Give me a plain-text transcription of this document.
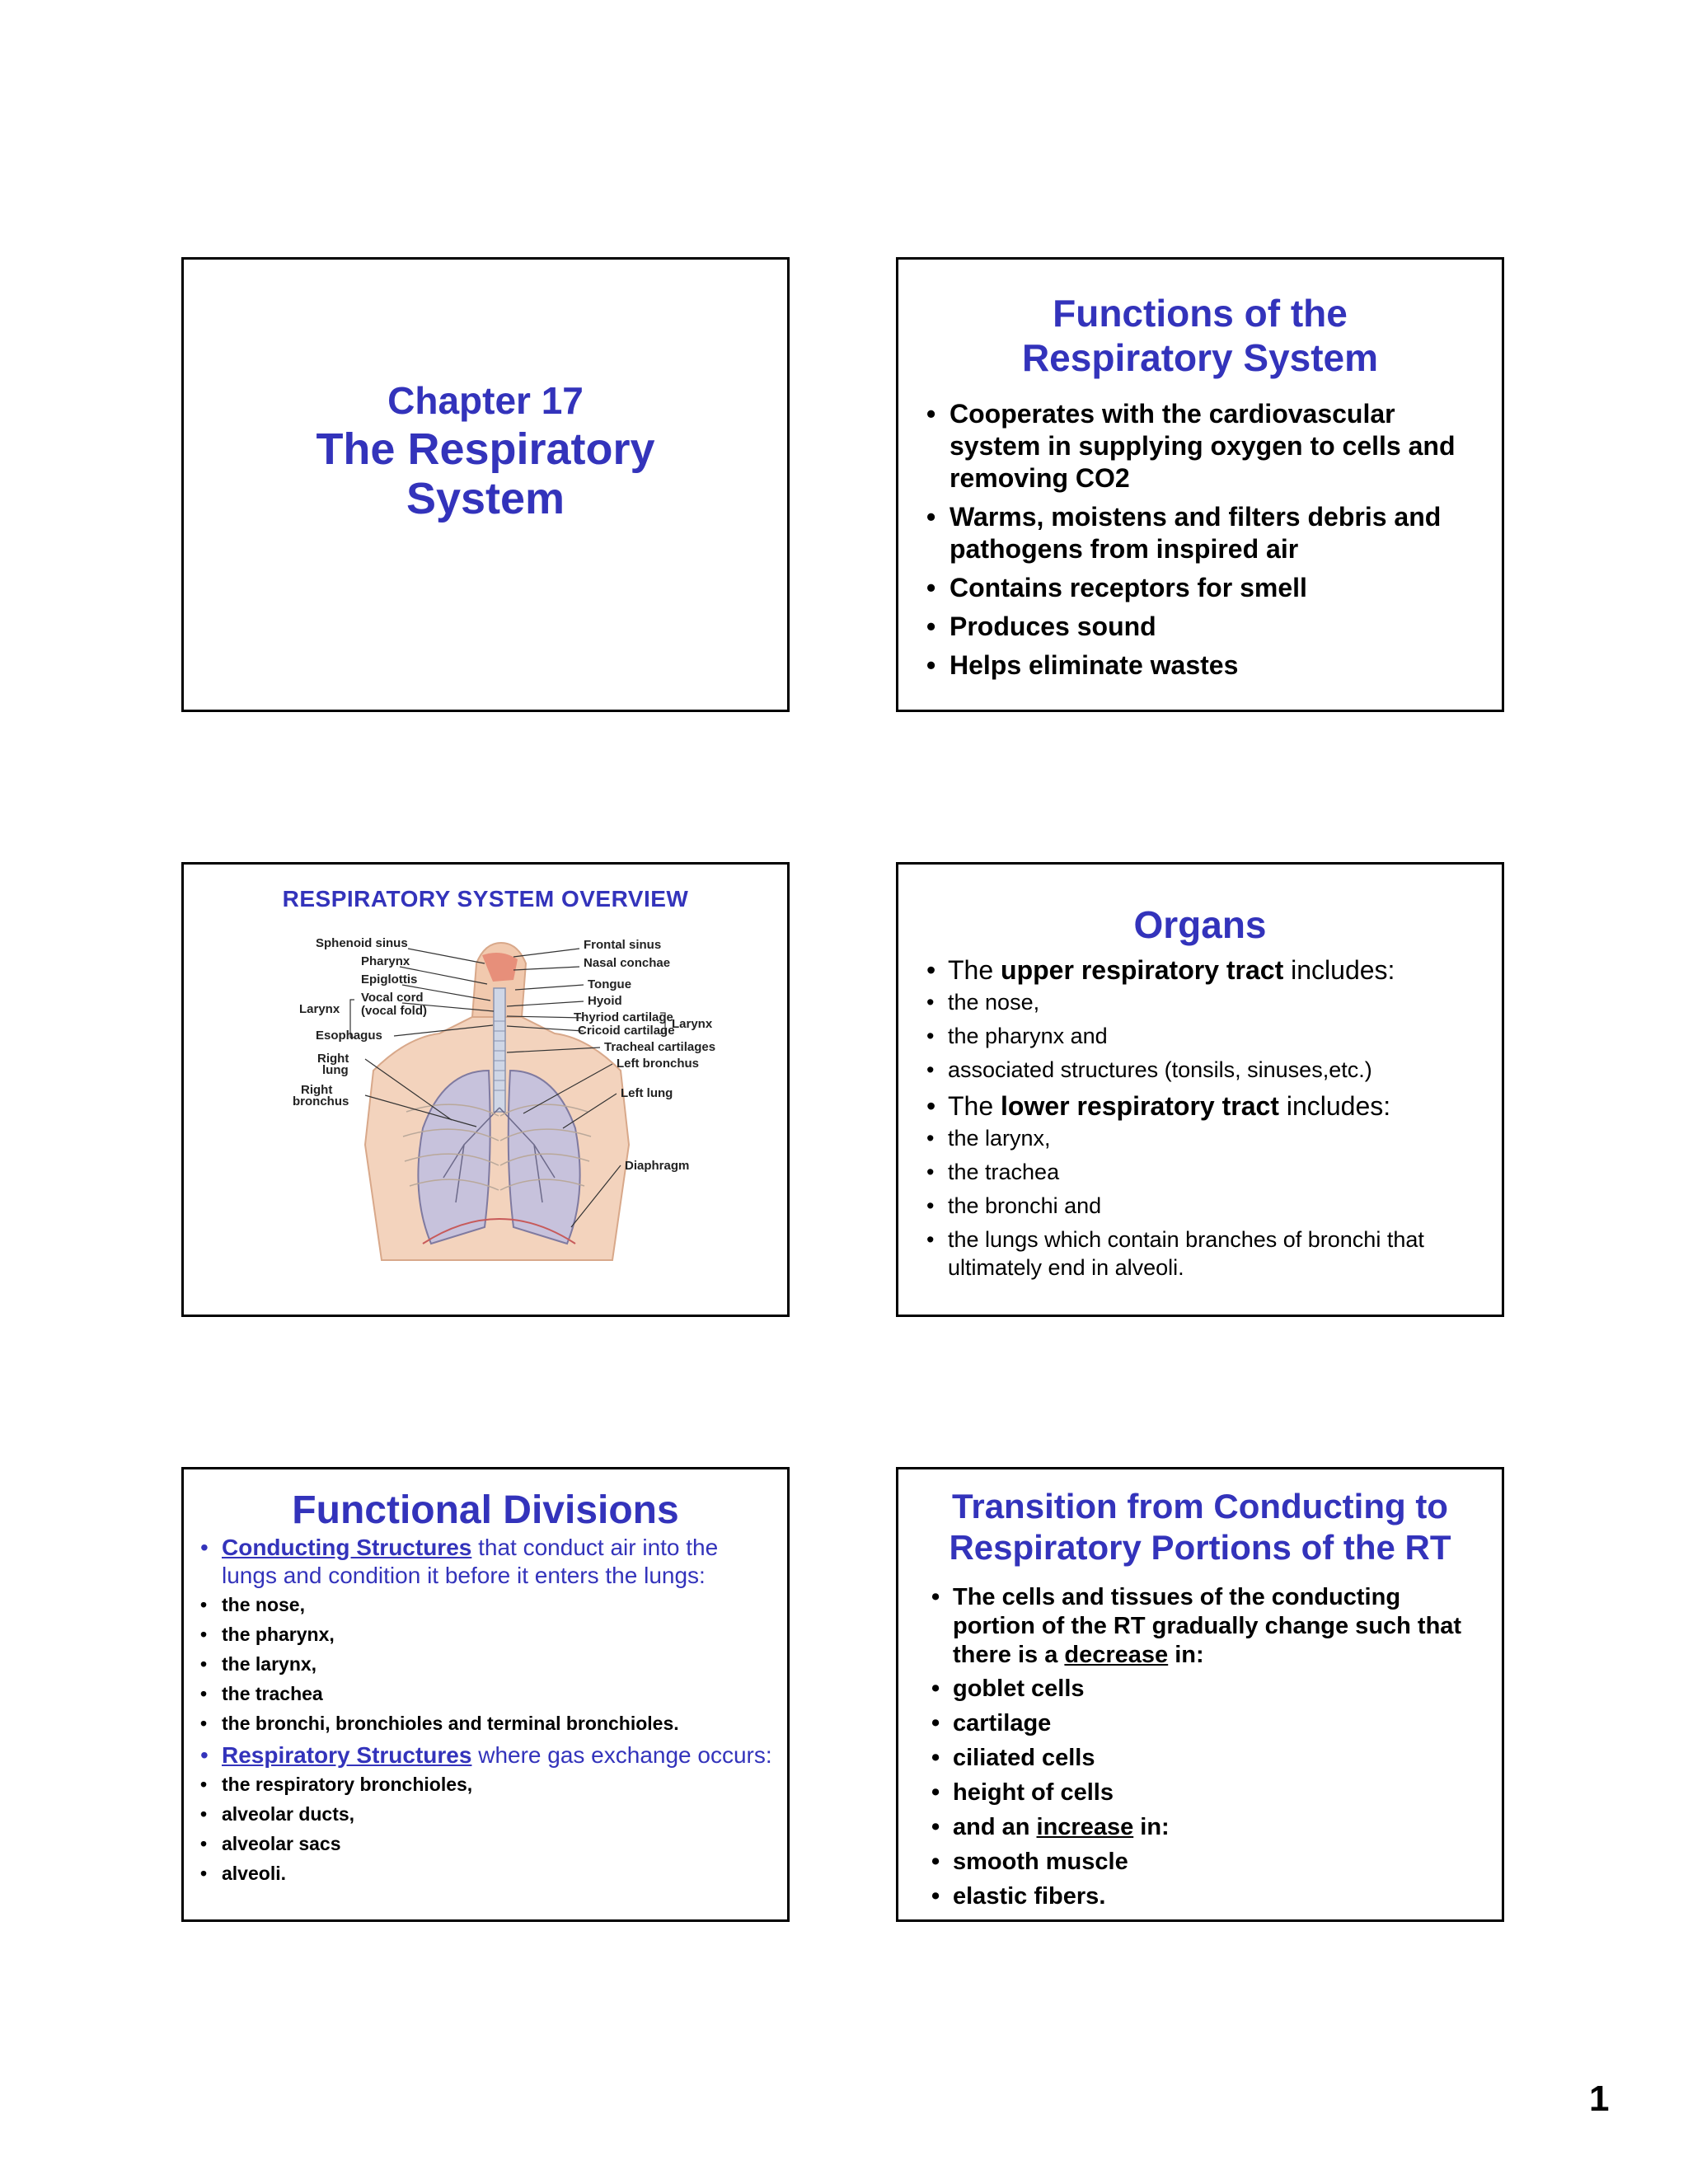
Chapter 17
The Respiratory
System
Functions of the
Respiratory System
• Cooperates with the cardiovascular system in supplying oxygen to cells and removing CO2
• Warms, moistens and filters debris and pathogens from inspired air
• Contains receptors for smell
• Produces sound
• Helps eliminate wastes
RESPIRATORY SYSTEM OVERVIEW
Sphenoid sinus
Pharynx
Larynx
Epiglottis
Vocal cord
(vocal fold)
Esophagus
Right
lung
Right
bronchus
Frontal sinus
Nasal conchae
Tongue
Hyoid
Thyriod cartilage
Cricoid cartilage
Larynx
Tracheal cartilages
Left bronchus
Left lung
Diaphragm
Organs
• The upper respiratory tract includes:
• the nose,
• the pharynx and
• associated structures (tonsils, sinuses,etc.)
• The lower respiratory tract includes:
• the larynx,
• the trachea
• the bronchi and
• the lungs which contain branches of bronchi that ultimately end in alveoli.
Functional Divisions
• Conducting Structures that conduct air into the lungs and condition it before it enters the lungs:
• the nose,
• the pharynx,
• the larynx,
• the trachea
• the bronchi, bronchioles and terminal bronchioles.
• Respiratory Structures where gas exchange occurs:
• the respiratory bronchioles,
• alveolar ducts,
• alveolar sacs
• alveoli.
Transition from Conducting to
Respiratory Portions of the RT
• The cells and tissues of the conducting portion of the RT gradually change such that there is a decrease in:
• goblet cells
• cartilage
• ciliated cells
• height of cells
• and an increase in:
• smooth muscle
• elastic fibers.
1
